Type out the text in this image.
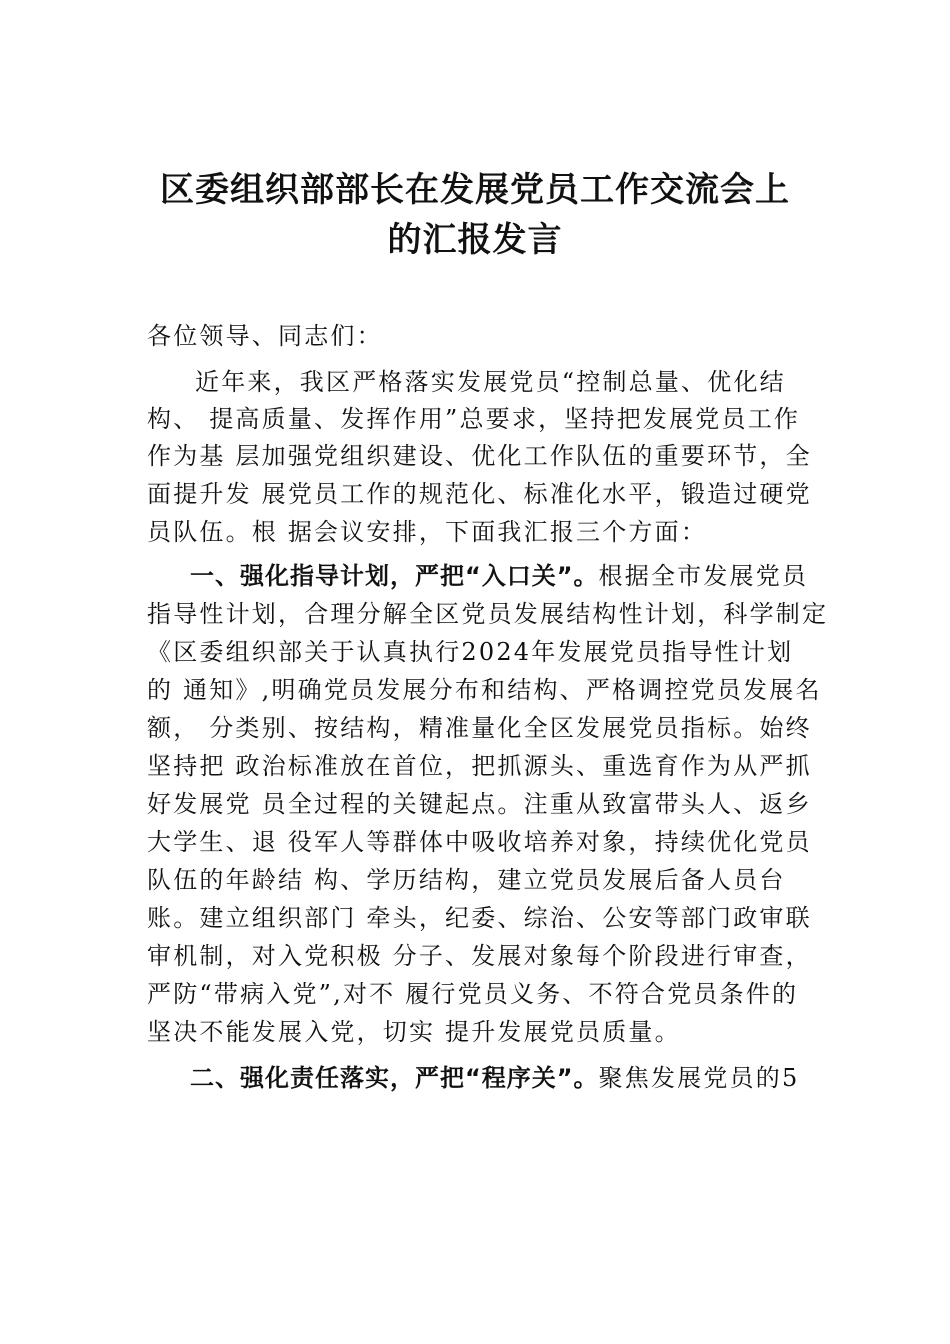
区委组织部部长在发展党员工作交流会上
的汇报发言
各位领导、同志们：
近年来，我区严格落实发展党员“控制总量、优化结
构、 提高质量、发挥作用”总要求，坚持把发展党员工作
作为基 层加强党组织建设、优化工作队伍的重要环节，全
面提升发 展党员工作的规范化、标准化水平，锻造过硬党
员队伍。根 据会议安排，下面我汇报三个方面：
一、强化指导计划，严把“入口关”。根据全市发展党员
指导性计划，合理分解全区党员发展结构性计划，科学制定
《区委组织部关于认真执行2024年发展党员指导性计划
的 通知》,明确党员发展分布和结构、严格调控党员发展名
额， 分类别、按结构，精准量化全区发展党员指标。始终
坚持把 政治标准放在首位，把抓源头、重选育作为从严抓
好发展党 员全过程的关键起点。注重从致富带头人、返乡
大学生、退 役军人等群体中吸收培养对象，持续优化党员
队伍的年龄结 构、学历结构，建立党员发展后备人员台
账。建立组织部门 牵头，纪委、综治、公安等部门政审联
审机制，对入党积极 分子、发展对象每个阶段进行审查，
严防“带病入党”,对不 履行党员义务、不符合党员条件的
坚决不能发展入党，切实 提升发展党员质量。
二、强化责任落实，严把“程序关”。聚焦发展党员的5
